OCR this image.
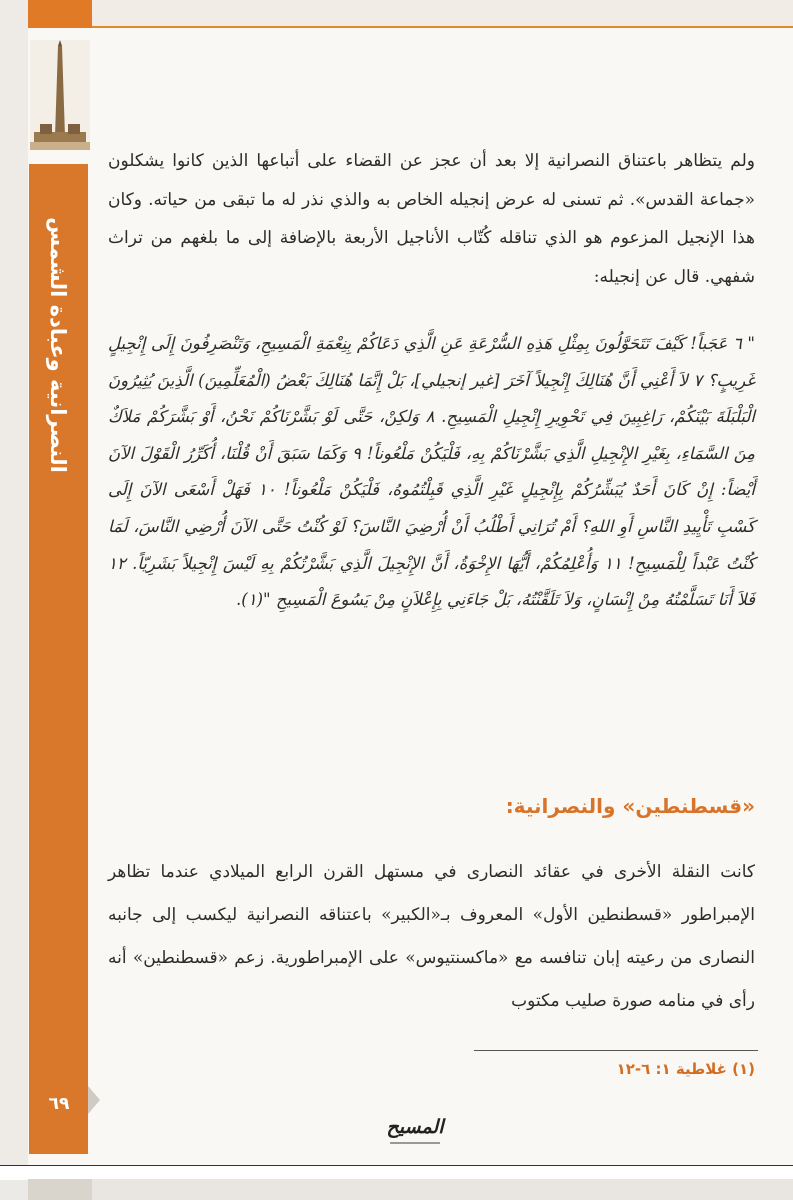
النصرانية وعبادة الشمس
ولم يتظاهر باعتناق النصرانية إلا بعد أن عجز عن القضاء على أتباعها الذين كانوا يشكلون «جماعة القدس». ثم تسنى له عرض إنجيله الخاص به والذي نذر له ما تبقى من حياته. وكان هذا الإنجيل المزعوم هو الذي تناقله كُتّاب الأناجيل الأربعة بالإضافة إلى ما بلغهم من تراث شفهي. قال عن إنجيله:
" ٦ عَجَباً! كَيْفَ تَتَحَوَّلُونَ بِمِثْلِ هَذِهِ السُّرْعَةِ عَنِ الَّذِي دَعَاكُمْ بِنِعْمَةِ الْمَسِيحِ، وَتَنْصَرِفُونَ إِلَى إِنْجِيلٍ غَرِيبٍ؟ ٧ لاَ أَعْنِي أَنَّ هُنَالِكَ إِنْجِيلاً آخَرَ [غير إنجيلي]، بَلْ إِنَّمَا هُنَالِكَ بَعْضُ (الْمُعَلِّمِينَ) الَّذِينَ يُثِيرُونَ الْبَلْبَلَةَ بَيْنَكُمْ، رَاغِبِينَ فِي تَحْوِيرِ إِنْجِيلِ الْمَسِيحِ. ٨ وَلكِنْ، حَتَّى لَوْ بَشَّرْنَاكُمْ نَحْنُ، أَوْ بَشَّرَكُمْ مَلاَكٌ مِنَ السَّمَاءِ، بِغَيْرِ الإِنْجِيلِ الَّذِي بَشَّرْنَاكُمْ بِهِ، فَلْيَكُنْ مَلْعُوناً! ٩ وَكَمَا سَبَقَ أَنْ قُلْنَا، أُكَرِّرُ الْقَوْلَ الآنَ أَيْضاً: إِنْ كَانَ أَحَدٌ يُبَشِّرُكُمْ بِإِنْجِيلٍ غَيْرِ الَّذِي قَبِلْتُمُوهُ، فَلْيَكُنْ مَلْعُوناً! ١٠ فَهَلْ أَسْعَى الآنَ إِلَى كَسْبِ تَأْيِيدِ النَّاسِ أَوِ اللهِ؟ أَمْ تُرَانِي أَطْلُبُ أَنْ أُرْضِيَ النَّاسَ؟ لَوْ كُنْتُ حَتَّى الآنَ أُرْضِي النَّاسَ، لَمَا كُنْتُ عَبْداً لِلْمَسِيحِ! ١١ وَأُعْلِمُكُمْ، أَيُّهَا الإِخْوَةُ، أَنَّ الإِنْجِيلَ الَّذِي بَشَّرْتُكُمْ بِهِ لَيْسَ إِنْجِيلاً بَشَرِيّاً. ١٢ فَلاَ أَنَا تَسَلَّمْتُهُ مِنْ إِنْسَانٍ، وَلاَ تَلَقَّنْتُهُ، بَلْ جَاءَنِي بِإِعْلاَنٍ مِنْ يَسُوعَ الْمَسِيحِ "(١).
«قسطنطين» والنصرانية:
كانت النقلة الأخرى في عقائد النصارى في مستهل القرن الرابع الميلادي عندما تظاهر الإمبراطور «قسطنطين الأول» المعروف بـ«الكبير» باعتناقه النصرانية ليكسب إلى جانبه النصارى من رعيته إبان تنافسه مع «ماكسنتيوس» على الإمبراطورية. زعم «قسطنطين» أنه رأى في منامه صورة صليب مكتوب
(١) غلاطية ١: ٦-١٢
٦٩
المسيح
